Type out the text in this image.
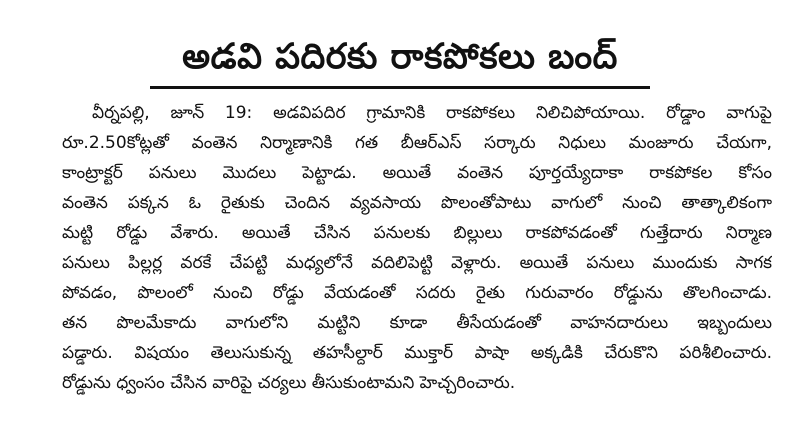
అడవి పదిరకు రాకపోకలు బంద్
వీర్నపల్లి, జూన్ 19: అడవిపదిర గ్రామానికి రాకపోకలు నిలిచిపోయాయి. రోడ్డాం వాగుపై
రూ.2.50కోట్లతో వంతెన నిర్మాణానికి గత బీఆర్ఎస్ సర్కారు నిధులు మంజూరు చేయగా,
కాంట్రాక్టర్ పనులు మొదలు పెట్టాడు. అయితే వంతెన పూర్తయ్యేదాకా రాకపోకల కోసం
వంతెన పక్కన ఓ రైతుకు చెందిన వ్యవసాయ పొలంతోపాటు వాగులో నుంచి తాత్కాలికంగా
మట్టి రోడ్డు వేశారు. అయితే చేసిన పనులకు బిల్లులు రాకపోవడంతో గుత్తేదారు నిర్మాణ
పనులు పిల్లర్ల వరకే చేపట్టి మధ్యలోనే వదిలిపెట్టి వెళ్లారు. అయితే పనులు ముందుకు సాగక
పోవడం, పొలంలో నుంచి రోడ్డు వేయడంతో సదరు రైతు గురువారం రోడ్డును తొలగించాడు.
తన పొలమేకాదు వాగులోని మట్టిని కూడా తీసేయడంతో వాహనదారులు ఇబ్బందులు
పడ్డారు. విషయం తెలుసుకున్న తహసీల్దార్ ముక్తార్ పాషా అక్కడికి చేరుకొని పరిశీలించారు.
రోడ్డును ధ్వంసం చేసిన వారిపై చర్యలు తీసుకుంటామని హెచ్చరించారు.
